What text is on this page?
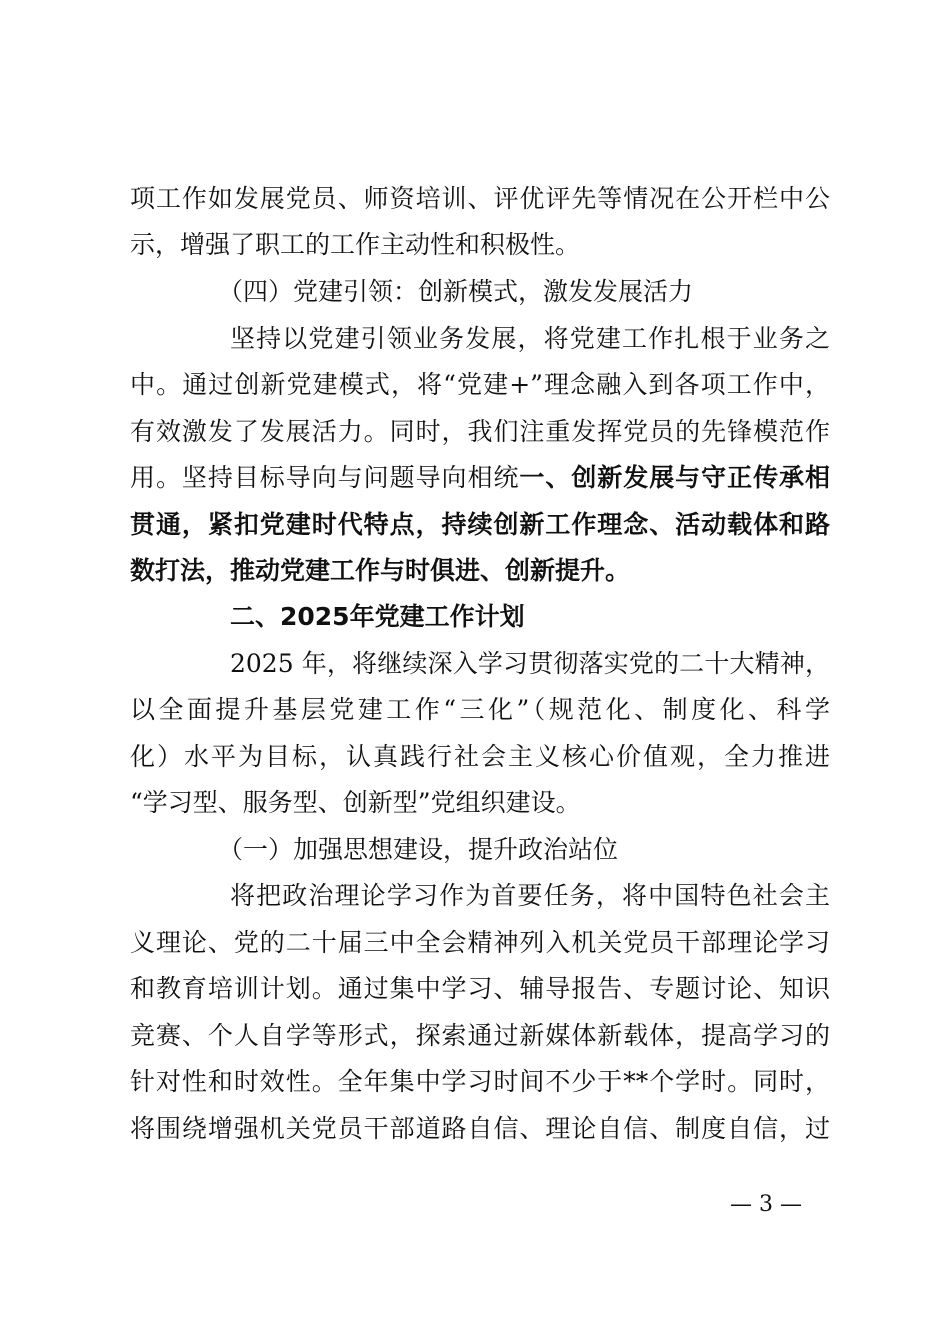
项工作如发展党员、师资培训、评优评先等情况在公开栏中公
示，增强了职工的工作主动性和积极性。
（四）党建引领：创新模式，激发发展活力
坚持以党建引领业务发展，将党建工作扎根于业务之
中。通过创新党建模式，将“党建+”理念融入到各项工作中，
有效激发了发展活力。同时，我们注重发挥党员的先锋模范作
用。坚持目标导向与问题导向相统一、创新发展与守正传承相
贯通，紧扣党建时代特点，持续创新工作理念、活动载体和路
数打法，推动党建工作与时俱进、创新提升。
二、2025年党建工作计划
2025 年，将继续深入学习贯彻落实党的二十大精神，
以全面提升基层党建工作“三化”（规范化、制度化、科学
化）水平为目标，认真践行社会主义核心价值观，全力推进
“学习型、服务型、创新型”党组织建设。
（一）加强思想建设，提升政治站位
将把政治理论学习作为首要任务，将中国特色社会主
义理论、党的二十届三中全会精神列入机关党员干部理论学习
和教育培训计划。通过集中学习、辅导报告、专题讨论、知识
竞赛、个人自学等形式，探索通过新媒体新载体，提高学习的
针对性和时效性。全年集中学习时间不少于**个学时。同时，
将围绕增强机关党员干部道路自信、理论自信、制度自信，过
— 3 —
